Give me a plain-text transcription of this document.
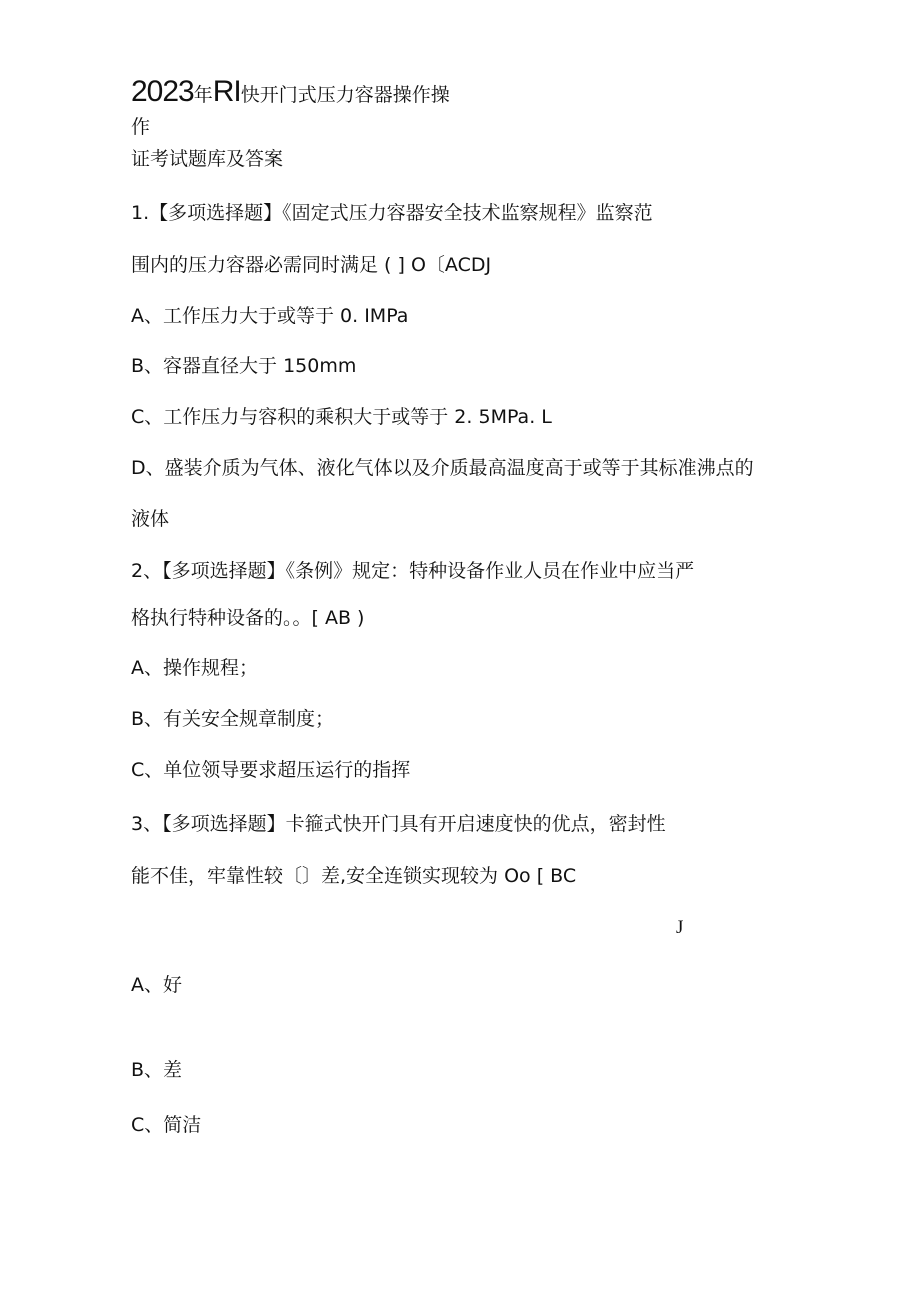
2023年RI快开门式压力容器操作操
作
证考试题库及答案
1.【多项选择题】《固定式压力容器安全技术监察规程》监察范
围内的压力容器必需同时满足 ( ] O〔ACDJ
A、工作压力大于或等于 0. IMPa
B、容器直径大于 150mm
C、工作压力与容积的乘积大于或等于 2. 5MPa. L
D、盛装介质为气体、液化气体以及介质最高温度高于或等于其标准沸点的
液体
2、【多项选择题】《条例》规定：特种设备作业人员在作业中应当严
格执行特种设备的。。[ AB )
A、操作规程；
B、有关安全规章制度；
C、单位领导要求超压运行的指挥
3、【多项选择题】卡箍式快开门具有开启速度快的优点，密封性
能不佳，牢靠性较〔〕差,安全连锁实现较为 Oo [ BC
J
A、好
B、差
C、简洁
